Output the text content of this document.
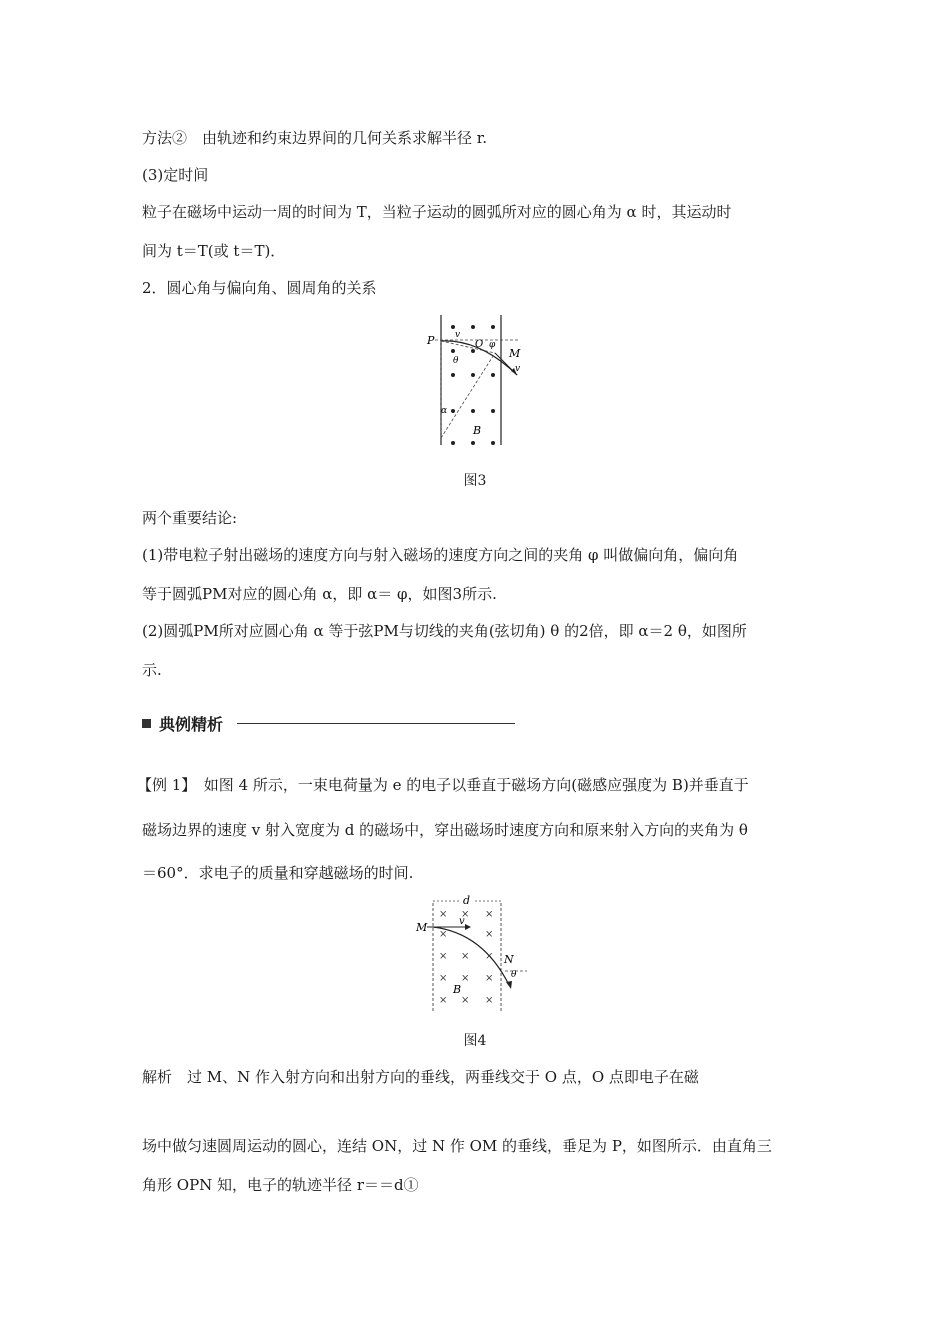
方法②　由轨迹和约束边界间的几何关系求解半径 r.
(3)定时间
粒子在磁场中运动一周的时间为 T，当粒子运动的圆弧所对应的圆心角为 α 时，其运动时
间为 t＝T(或 t＝T)．
2．圆心角与偏向角、圆周角的关系
P v
O φ
M
v
θ
α
B
图3
两个重要结论:
(1)带电粒子射出磁场的速度方向与射入磁场的速度方向之间的夹角 φ 叫做偏向角，偏向角
等于圆弧PM对应的圆心角 α，即 α＝ φ，如图3所示.
(2)圆弧PM所对应圆心角 α 等于弦PM与切线的夹角(弦切角) θ 的2倍，即 α＝2 θ，如图所
示.
典例精析
【例 1】　如图 4 所示，一束电荷量为 e 的电子以垂直于磁场方向(磁感应强度为 B)并垂直于
磁场边界的速度 v 射入宽度为 d 的磁场中，穿出磁场时速度方向和原来射入方向的夹角为 θ
＝60°．求电子的质量和穿越磁场的时间.
× × ×
×	×
× × ×
× × ×
× × ×
d
M	v
N
θ
B
图4
解析　过 M、N 作入射方向和出射方向的垂线，两垂线交于 O 点，O 点即电子在磁
场中做匀速圆周运动的圆心，连结 ON，过 N 作 OM 的垂线，垂足为 P，如图所示．由直角三
角形 OPN 知，电子的轨迹半径 r＝＝d①
